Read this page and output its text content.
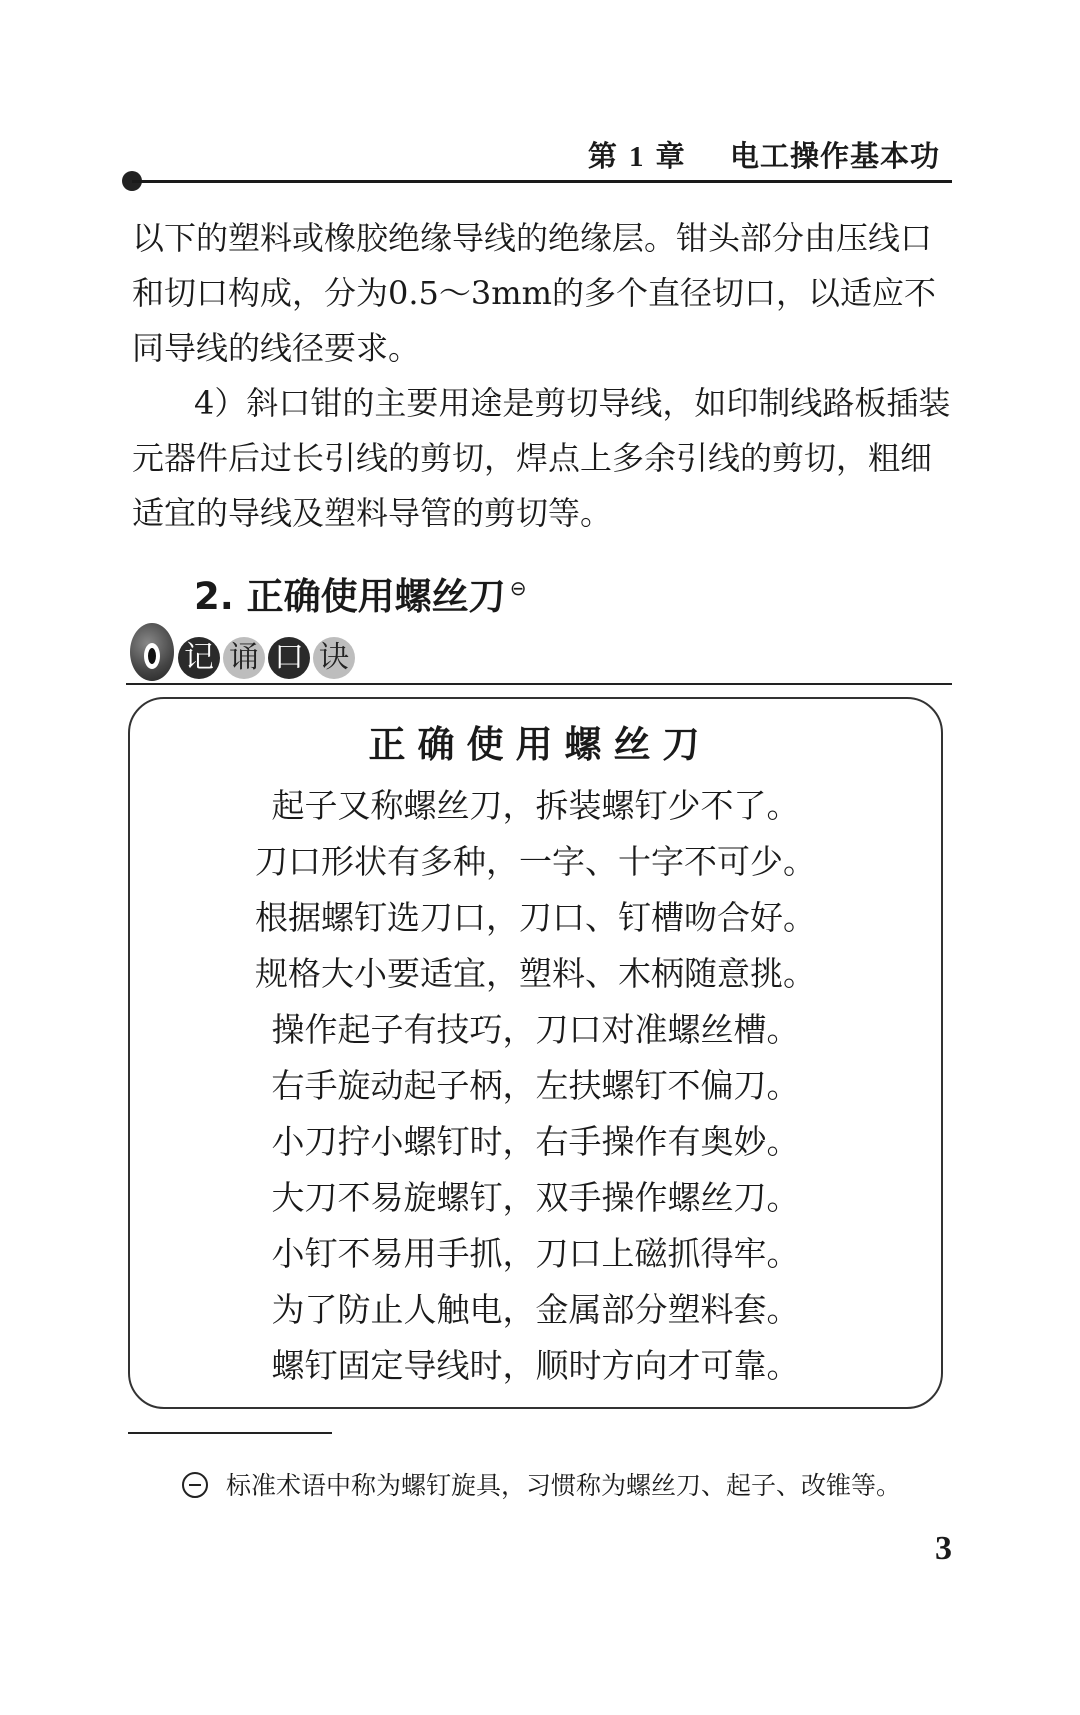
第 1 章 电工操作基本功

以下的塑料或橡胶绝缘导线的绝缘层。钳头部分由压线口和切口构成，分为0.5～3mm的多个直径切口，以适应不同导线的线径要求。

4）斜口钳的主要用途是剪切导线，如印制线路板插装元器件后过长引线的剪切，焊点上多余引线的剪切，粗细适宜的导线及塑料导管的剪切等。

2. 正确使用螺丝刀 ⊖
记 诵 口 诀
正确使用螺丝刀
起子又称螺丝刀，拆装螺钉少不了。
刀口形状有多种，一字、十字不可少。
根据螺钉选刀口，刀口、钉槽吻合好。
规格大小要适宜，塑料、木柄随意挑。
操作起子有技巧，刀口对准螺丝槽。
右手旋动起子柄，左扶螺钉不偏刀。
小刀拧小螺钉时，右手操作有奥妙。
大刀不易旋螺钉，双手操作螺丝刀。
小钉不易用手抓，刀口上磁抓得牢。
为了防止人触电，金属部分塑料套。
螺钉固定导线时，顺时方向才可靠。
标准术语中称为螺钉旋具，习惯称为螺丝刀、起子、改锥等。
3
